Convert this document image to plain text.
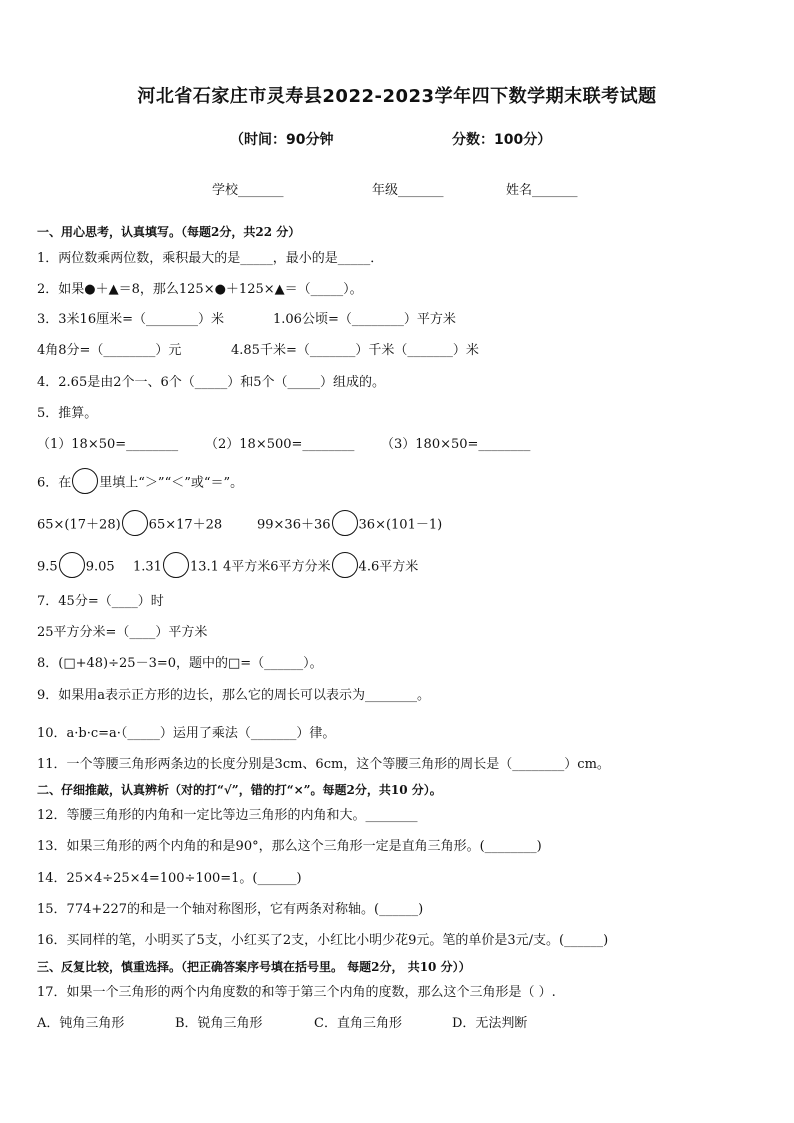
河北省石家庄市灵寿县2022-2023学年四下数学期末联考试题
（时间：90分钟	分数：100分）
学校_______	年级_______	姓名_______
一、用心思考，认真填写。（每题2分，共22 分）
1．两位数乘两位数，乘积最大的是_____，最小的是_____．
2．如果●＋▲＝8，那么125×●＋125×▲＝（_____）。
3．3米16厘米=（________）米	1.06公顷=（________）平方米
4角8分=（________）元	4.85千米=（_______）千米（_______）米
4．2.65是由2个一、6个（_____）和5个（_____）组成的。
5．推算。
（1）18×50=________ （2）18×500=________ （3）180×50=________
6．在 里填上“＞”“＜”或“＝”。
65×(17＋28) 65×17＋28	99×36＋36 36×(101－1)
9.5 9.05 1.31 13.1 4平方米6平方分米 4.6平方米
7．45分=（____）时
25平方分米=（____）平方米
8．(□+48)÷25－3=0，题中的□=（______）。
9．如果用a表示正方形的边长，那么它的周长可以表示为________。
10．a·b·c=a·（_____）运用了乘法（_______）律。
11．一个等腰三角形两条边的长度分别是3cm、6cm，这个等腰三角形的周长是（________）cm。
二、仔细推敲，认真辨析（对的打“√”，错的打“×”。每题2分，共10 分）。
12．等腰三角形的内角和一定比等边三角形的内角和大。________
13．如果三角形的两个内角的和是90°，那么这个三角形一定是直角三角形。(________)
14．25×4÷25×4=100÷100=1。(______)
15．774+227的和是一个轴对称图形，它有两条对称轴。(______)
16．买同样的笔，小明买了5支，小红买了2支，小红比小明少花9元。笔的单价是3元/支。(______)
三、反复比较，慎重选择。（把正确答案序号填在括号里。 每题2分， 共10 分））
17．如果一个三角形的两个内角度数的和等于第三个内角的度数，那么这个三角形是（ ）.
A．钝角三角形	B．锐角三角形	C．直角三角形	D．无法判断
